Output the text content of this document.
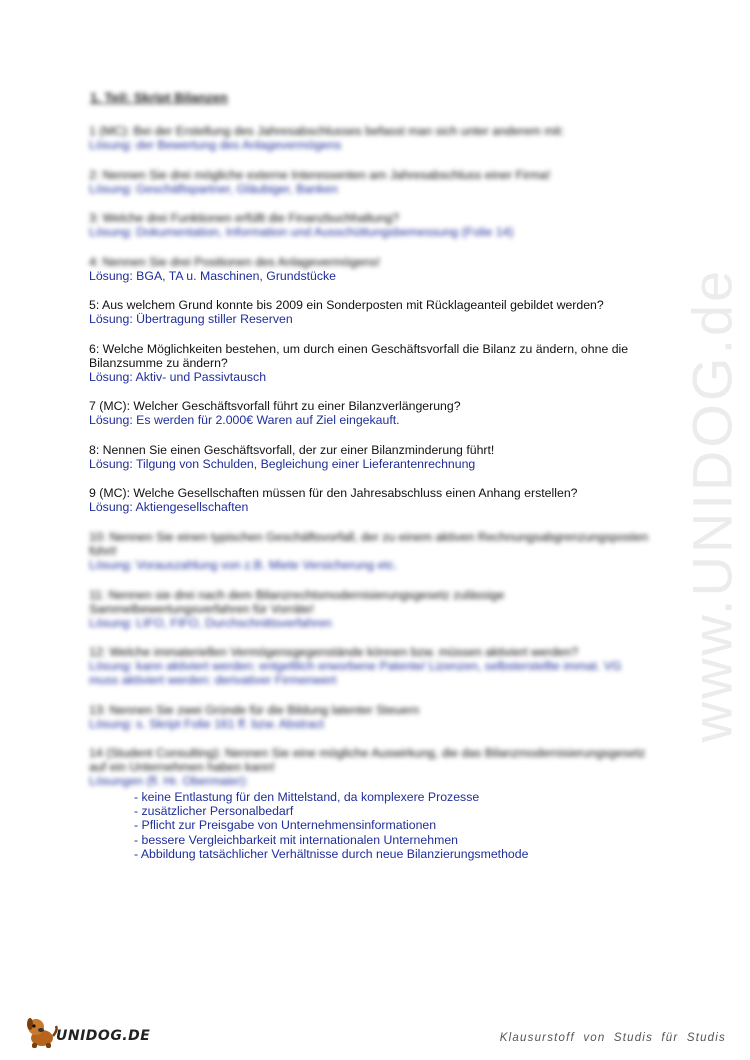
www.UNIDOG.de
1. Teil: Skript Bilanzen
1 (MC): Bei der Erstellung des Jahresabschlusses befasst man sich unter anderem mit:
Lösung: der Bewertung des Anlagevermögens
2: Nennen Sie drei mögliche externe Interessenten am Jahresabschluss einer Firma!
Lösung: Geschäftspartner, Gläubiger, Banken
3: Welche drei Funktionen erfüllt die Finanzbuchhaltung?
Lösung: Dokumentation, Information und Ausschüttungsbemessung (Folie 14)
4: Nennen Sie drei Positionen des Anlagevermögens!
Lösung: BGA, TA u. Maschinen, Grundstücke
5: Aus welchem Grund konnte bis 2009 ein Sonderposten mit Rücklageanteil gebildet werden?
Lösung: Übertragung stiller Reserven
6: Welche Möglichkeiten bestehen, um durch einen Geschäftsvorfall die Bilanz zu ändern, ohne die Bilanzsumme zu ändern?
Lösung: Aktiv- und Passivtausch
7 (MC): Welcher Geschäftsvorfall führt zu einer Bilanzverlängerung?
Lösung: Es werden für 2.000€ Waren auf Ziel eingekauft.
8: Nennen Sie einen Geschäftsvorfall, der zur einer Bilanzminderung führt!
Lösung: Tilgung von Schulden, Begleichung einer Lieferantenrechnung
9 (MC): Welche Gesellschaften müssen für den Jahresabschluss einen Anhang erstellen?
Lösung: Aktiengesellschaften
10: Nennen Sie einen typischen Geschäftsvorfall, der zu einem aktiven Rechnungsabgrenzungsposten führt!
Lösung: Vorauszahlung von z.B. Miete Versicherung etc.
11: Nennen sie drei nach dem Bilanzrechtsmodernisierungsgesetz zulässige Sammelbewertungsverfahren für Vorräte!
Lösung: LIFO, FIFO, Durchschnittsverfahren
12: Welche immateriellen Vermögensgegenstände können bzw. müssen aktiviert werden?
Lösung: kann aktiviert werden: entgeltlich erworbene Patente/ Lizenzen, selbsterstellte immat. VG muss aktiviert werden: derivativer Firmenwert
13: Nennen Sie zwei Gründe für die Bildung latenter Steuern
Lösung: s. Skript Folie 161 ff. bzw. Abstract
14 (Student Consulting): Nennen Sie eine mögliche Auswirkung, die das Bilanzmodernisierungsgesetz auf ein Unternehmen haben kann!
Lösungen (fl. Hr. Obermaier):
- keine Entlastung für den Mittelstand, da komplexere Prozesse
- zusätzlicher Personalbedarf
- Pflicht zur Preisgabe von Unternehmensinformationen
- bessere Vergleichbarkeit mit internationalen Unternehmen
- Abbildung tatsächlicher Verhältnisse durch neue Bilanzierungsmethode
UNIDOG.DE	Klausurstoff von Studis für Studis
